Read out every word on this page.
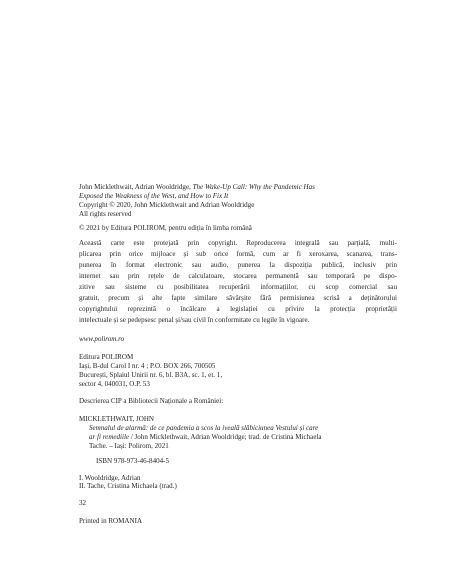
John Micklethwait, Adrian Wooldridge, The Wake-Up Call: Why the Pandemic Has
Exposed the Weakness of the West, and How to Fix It
Copyright © 2020, John Micklethwait and Adrian Wooldridge
All rights reserved
© 2021 by Editura POLIROM, pentru ediția în limba română
Această carte este protejată prin copyright. Reproducerea integrală sau parțială, multi-
plicarea prin orice mijloace și sub orice formă, cum ar fi xeroxarea, scanarea, trans-
punerea în format electronic sau audio, punerea la dispoziția publică, inclusiv prin
internet sau prin rețele de calculatoare, stocarea permanentă sau temporară pe dispo-
zitive sau sisteme cu posibilitatea recuperării informațiilor, cu scop comercial sau
gratuit, precum și alte fapte similare săvârșite fără permisiunea scrisă a deținătorului
copyrightului reprezintă o încălcare a legislației cu privire la protecția proprietății
intelectuale și se pedepsesc penal și/sau civil în conformitate cu legile în vigoare.
www.polirom.ro
Editura POLIROM
Iași, B-dul Carol I nr. 4 ; P.O. BOX 266, 700505
București, Splaiul Unirii nr. 6, bl. B3A, sc. 1, et. 1,
sector 4, 040031, O.P. 53
Descrierea CIP a Bibliotecii Naționale a României:
MICKLETHWAIT, JOHN
Semnalul de alarmă: de ce pandemia a scos la iveală slăbiciunea Vestului și care
ar fi remediile / John Micklethwait, Adrian Wooldridge; trad. de Cristina Michaela
Tache. – Iași: Polirom, 2021
ISBN 978-973-46-8404-5
I. Wooldridge, Adrian
II. Tache, Cristina Michaela (trad.)
32
Printed in ROMANIA
